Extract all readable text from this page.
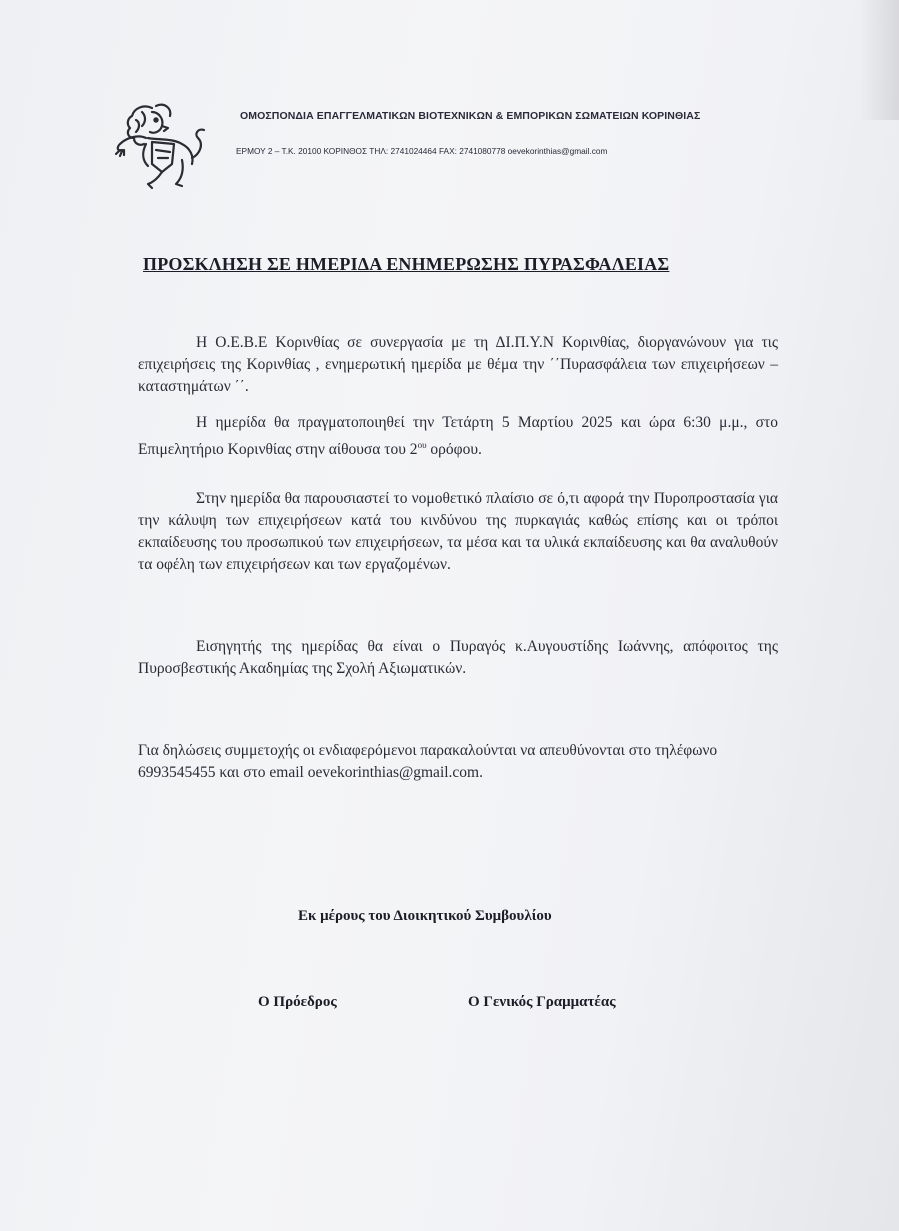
ΟΜΟΣΠΟΝΔΙΑ ΕΠΑΓΓΕΛΜΑΤΙΚΩΝ ΒΙΟΤΕΧΝΙΚΩΝ & ΕΜΠΟΡΙΚΩΝ ΣΩΜΑΤΕΙΩΝ ΚΟΡΙΝΘΙΑΣ
ΕΡΜΟΥ 2 – Τ.Κ. 20100 ΚΟΡΙΝΘΟΣ ΤΗΛ: 2741024464 FAX: 2741080778 oevekorinthias@gmail.com
ΠΡΟΣΚΛΗΣΗ ΣΕ ΗΜΕΡΙΔΑ ΕΝΗΜΕΡΩΣΗΣ ΠΥΡΑΣΦΑΛΕΙΑΣ

Η Ο.Ε.Β.Ε Κορινθίας σε συνεργασία με τη ΔΙ.Π.Υ.Ν Κορινθίας, διοργανώνουν για τις επιχειρήσεις της Κορινθίας , ενημερωτική ημερίδα με θέμα την ΄΄Πυρασφάλεια των επιχειρήσεων – καταστημάτων ΄΄.

Η ημερίδα θα πραγματοποιηθεί την Τετάρτη 5 Μαρτίου 2025 και ώρα 6:30 μ.μ., στο Επιμελητήριο Κορινθίας στην αίθουσα του $2^{o\upsilon}$ ορόφου.

Στην ημερίδα θα παρουσιαστεί το νομοθετικό πλαίσιο σε ό,τι αφορά την Πυροπροστασία για την κάλυψη των επιχειρήσεων κατά του κινδύνου της πυρκαγιάς καθώς επίσης και οι τρόποι εκπαίδευσης του προσωπικού των επιχειρήσεων, τα μέσα και τα υλικά εκπαίδευσης και θα αναλυθούν τα οφέλη των επιχειρήσεων και των εργαζομένων.

Εισηγητής της ημερίδας θα είναι ο Πυραγός κ.Αυγουστίδης Ιωάννης, απόφοιτος της Πυροσβεστικής Ακαδημίας της Σχολή Αξιωματικών.

Για δηλώσεις συμμετοχής οι ενδιαφερόμενοι παρακαλούνται να απευθύνονται στο τηλέφωνο 6993545455 και στο email oevekorinthias@gmail.com.

Εκ μέρους του Διοικητικού Συμβουλίου
Ο Πρόεδρος	Ο Γενικός Γραμματέας
